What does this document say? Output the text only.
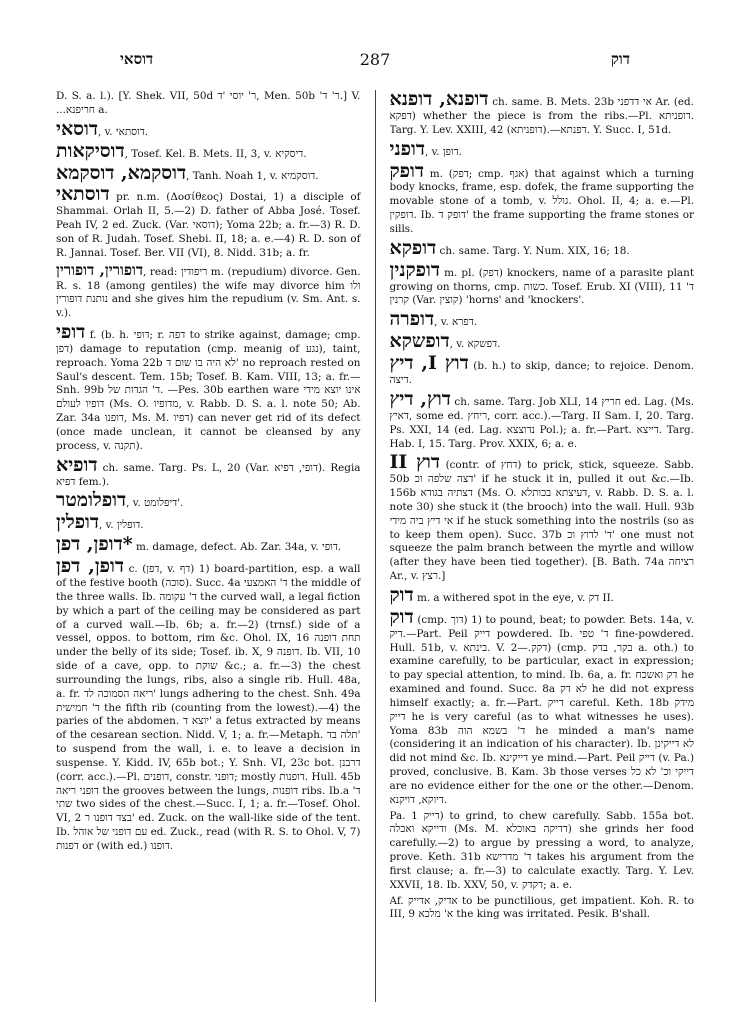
דוסאי	287	דוק
D. S. a. l.). [Y. Shek. VII, 50d ר' יוסי 'ד, Men. 50b 'ר' ד.] V. ...חריפנא a.
דוסאי, v. דוסתאי.
דוסיקאות, Tosef. Kel. B. Mets. II, 3, v. דיסקיא.
דוסקמא, דוסקמא, Tanh. Noah 1, v. דוסקמיא.
דוסתאי pr. n.m. (Δοσίθεος) Dostai, 1) a disciple of Shammai. Orlah II, 5.—2) D. father of Abba José. Tosef. Peah IV, 2 ed. Zuck. (Var. דוסאי); Yoma 22b; a. fr.—3) R. D. son of R. Judah. Tosef. Shebi. II, 18; a. e.—4) R. D. son of R. Jannai. Tosef. Ber. VII (VI), 8. Nidd. 31b; a. fr.
דופורין, דופורין, read: ריפודין m. (repudium) divorce. Gen. R. s. 18 (among gentiles) the wife may divorce him ולו נותנת דופורין and she gives him the repudium (v. Sm. Ant. s. v.).
דופי f. (b. h. דופי; r. דפה to strike against, damage; cmp. דפן) damage to reputation (cmp. meanig of נגע), taint, reproach. Yoma 22b לא היה בו שום ד' no reproach rested on Saul's descent. Tem. 15b; Tosef. B. Kam. VIII, 13; a. fr.—Snh. 99b ד' הגדות של. —Pes. 30b earthen ware אינו יוצא מידי דופיו לעולם (Ms. O. מדופיו, v. Rabb. D. S. a. l. note 50; Ab. Zar. 34a דופנו, Ms. M. דפיו) can never get rid of its defect (once made unclean, it cannot be cleansed by any process, v. תקנה).
דופיא ch. same. Targ. Ps. L, 20 (Var. דופי, דפיא). Regia דפיא fem.).
דופלומטר, v. דיפלומט'.
דופלין, v. דופלין.
*דופן, דפן m. damage, defect. Ab. Zar. 34a, v. דופי.
דופן, דפן c. (דפן, v. דף) 1) board-partition, esp. a wall of the festive booth (סוכה). Succ. 4a ד' האמצעי the middle of the three walls. Ib. ד' עקומה the curved wall, a legal fiction by which a part of the ceiling may be considered as part of a curved wall.—Ib. 6b; a. fr.—2) (trnsf.) side of a vessel, oppos. to bottom, rim &c. Ohol. IX, 16 תחת דופנה under the belly of its side; Tosef. ib. X, 9 דופנה. Ib. VII, 10 side of a cave, opp. to שוקת &c.; a. fr.—3) the chest surrounding the lungs, ribs, also a single rib. Hull. 48a, a. fr. ריאה הסמוכה לד' lungs adhering to the chest. Snh. 49a ד' חמישית the fifth rib (counting from the lowest).—4) the paries of the abdomen. יוצא ד' a fetus extracted by means of the cesarean section. Nidd. V, 1; a. fr.—Metaph. תלה בד' to suspend from the wall, i. e. to leave a decision in suspense. Y. Kidd. IV, 65b bot.; Y. Snh. VI, 23c bot. דרבנן (corr. acc.).—Pl. דופנים, constr. דופני; mostly דופנות. Hull. 45b דופני ריאה the grooves between the lungs, דופנות ribs. Ib.a ד' שתי two sides of the chest.—Succ. I, 1; a. fr.—Tosef. Ohol. VI, 2 בצד דופנו ר' ed. Zuck. on the wall-like side of the tent. Ib. עם דופני של אוהל ed. Zuck., read (with R. S. to Ohol. V, 7) דפנות or (with ed.) דופנו.
דופנא, דופנא ch. same. B. Mets. 23b אי דדפני Ar. (ed. דפקא) whether the piece is from the ribs.—Pl. דופניתא. Targ. Y. Lev. XXIII, 42 (דופניתא).—דפנתא. Y. Succ. I, 51d.
דופני, v. דופן.
דופק m. (דפק; cmp. אגף) that against which a turning body knocks, frame, esp. dofek, the frame supporting the movable stone of a tomb, v. גולל. Ohol. II, 4; a. e.—Pl. דופקין. Ib. דופק ד' the frame supporting the frame stones or sills.
דופקא ch. same. Targ. Y. Num. XIX, 16; 18.
דופקנין m. pl. (דפק) knockers, name of a parasite plant growing on thorns, cmp. כשות. Tosef. Erub. XI (VIII), 11 ד' קרנין (Var. קוצין) 'horns' and 'knockers'.
דופרה, v. דפרא.
דופשקא, v. דפשקא.
דוץ I, דיץ (b. h.) to skip, dance; to rejoice. Denom. דיצה.
דוץ, דיץ ch. same. Targ. Job XLI, 14 חריץ ed. Lag. (Ms. דאיץ, some ed. ריחץ, corr. acc.).—Targ. II Sam. I, 20. Targ. Ps. XXI, 14 (ed. Lag. נדוצצא Pol.); a. fr.—Part. דייצא. Targ. Hab. I, 15. Targ. Prov. XXIX, 6; a. e.
דוץ II (contr. of דחץ) to prick, stick, squeeze. Sabb. 50b דצה שלפה וכ' if he stuck it in, pulled it out &c.—Ib. 156b דצתיה בגודא (Ms. O. דעיצתא בכותלא, v. Rabb. D. S. a. l. note 30) she stuck it (the brooch) into the wall. Hull. 93b אי דיץ ביה מידי if he stuck something into the nostrils (so as to keep them open). Succ. 37b ד' לדוץ וכ' one must not squeeze the palm branch between the myrtle and willow (after they have been tied together). [B. Bath. 74a רציחה Ar., v. רצץ.]
דוק m. a withered spot in the eye, v. דק II.
דוק (cmp. דוך) 1) to pound, beat; to powder. Bets. 14a, v. דיק.—Part. Peil דייק powdered. Ib. ד' טפי fine-powdered. Hull. 51b, v. בינתא. V. דקק.—2) (cmp. בקר, בדק a. oth.) to examine carefully, to be particular, exact in expression; to pay special attention, to mind. Ib. 6a, a. fr. דק ואשכח he examined and found. Succ. 8a לא דק he did not express himself exactly; a. fr.—Part. דייק careful. Keth. 18b מידק דייק he is very careful (as to what witnesses he uses). Yoma 83b ד' בשמא הוה he minded a man's name (considering it an indication of his character). Ib. לא דייקינן did not mind &c. Ib. דייקינא ye mind.—Part. Peil דייק (v. Pa.) proved, conclusive. B. Kam. 3b those verses דייקי וכ' לא כל are no evidence either for the one or the other.—Denom. דיוקא, דויקנא.
Pa. דייק 1) to grind, to chew carefully. Sabb. 155a bot. ודייקא ואכלה (Ms. M. דדיקה באוכלא) she grinds her food carefully.—2) to argue by pressing a word, to analyze, prove. Keth. 31b ד' מדרישא takes his argument from the first clause; a. fr.—3) to calculate exactly. Targ. Y. Lev. XXVII, 18. Ib. XXV, 50, v. דקדק; a. e.
Af. אדיק, אדייק to be punctilious, get impatient. Koh. R. to III, 9 א' מלכא the king was irritated. Pesik. B'shall.
